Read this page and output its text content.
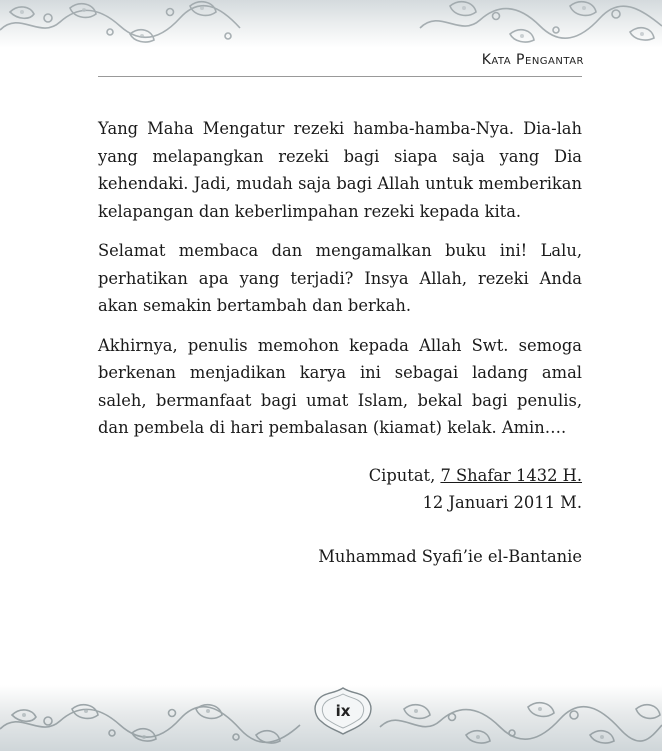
Kata Pengantar

Yang Maha Mengatur rezeki hamba-hamba-Nya. Dia-lah yang melapangkan rezeki bagi siapa saja yang Dia kehendaki. Jadi, mudah saja bagi Allah untuk memberikan kelapangan dan keberlimpahan rezeki kepada kita.

Selamat membaca dan mengamalkan buku ini! Lalu, perhatikan apa yang terjadi? Insya Allah, rezeki Anda akan semakin bertambah dan berkah.

Akhirnya, penulis memohon kepada Allah Swt. semoga berkenan menjadikan karya ini sebagai ladang amal saleh, bermanfaat bagi umat Islam, bekal bagi penulis, dan pembela di hari pembalasan (kiamat) kelak. Amin….

Ciputat, 7 Shafar 1432 H.
12 Januari 2011 M.
Muhammad Syafi’ie el-Bantanie
ix
